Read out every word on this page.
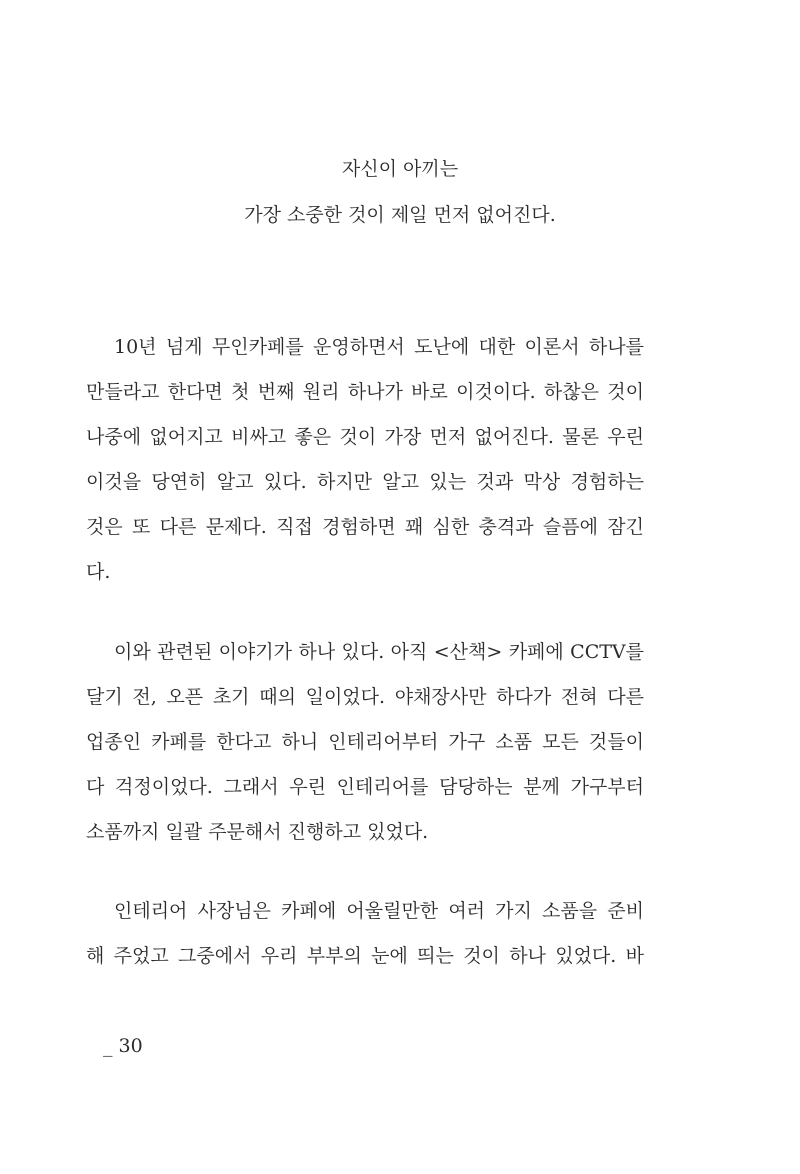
자신이 아끼는

가장 소중한 것이 제일 먼저 없어진다.

10년 넘게 무인카페를 운영하면서 도난에 대한 이론서 하나를
만들라고 한다면 첫 번째 원리 하나가 바로 이것이다. 하찮은 것이
나중에 없어지고 비싸고 좋은 것이 가장 먼저 없어진다. 물론 우린
이것을 당연히 알고 있다. 하지만 알고 있는 것과 막상 경험하는
것은 또 다른 문제다. 직접 경험하면 꽤 심한 충격과 슬픔에 잠긴
다.
이와 관련된 이야기가 하나 있다. 아직 <산책> 카페에 CCTV를
달기 전, 오픈 초기 때의 일이었다. 야채장사만 하다가 전혀 다른
업종인 카페를 한다고 하니 인테리어부터 가구 소품 모든 것들이
다 걱정이었다. 그래서 우린 인테리어를 담당하는 분께 가구부터
소품까지 일괄 주문해서 진행하고 있었다.
인테리어 사장님은 카페에 어울릴만한 여러 가지 소품을 준비
해 주었고 그중에서 우리 부부의 눈에 띄는 것이 하나 있었다. 바
_ 30
